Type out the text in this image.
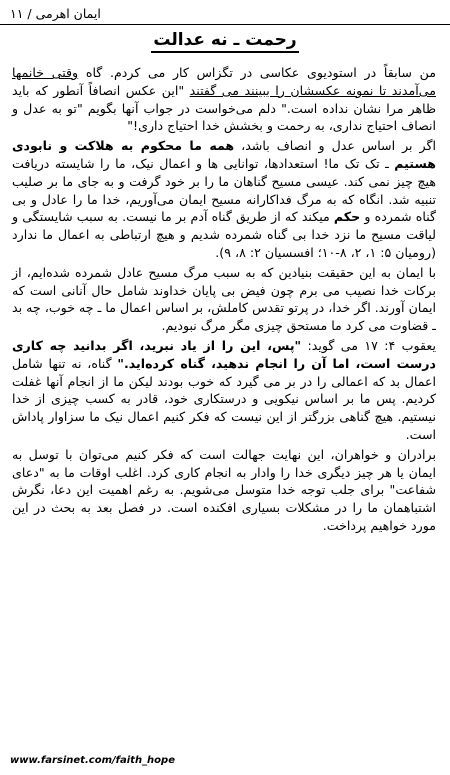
ایمان اهرمی / ۱۱
رحمت ـ نه عدالت

من سابقاً در استودیوی عکاسی در تگزاس کار می کردم. گاه وقتی خانمها می‌آمدند تا نمونه عکسشان را ببینند می گفتند "این عکس انصافاً آنطور که باید ظاهر مرا نشان نداده است." دلم می‌خواست در جواب آنها بگویم "تو به عدل و انصاف احتیاج نداری، به رحمت و بخشش خدا احتیاج داری!"

اگر بر اساس عدل و انصاف باشد، همه ما محکوم به هلاکت و نابودی هستیم ـ تک تک ما! استعدادها، توانایی ها و اعمال نیک، ما را شایسته دریافت هیچ چیز نمی کند. عیسی مسیح گناهان ما را بر خود گرفت و به جای ما بر صلیب تنبیه شد. انگاه که به مرگ فداکارانه مسیح ایمان می‌آوریم، خدا ما را عادل و بی گناه شمرده و حکم میکند که از طریق گناه آدم بر ما نیست. به سبب شایستگی و لیاقت مسیح ما نزد خدا بی گناه شمرده شدیم و هیچ ارتباطی به اعمال ما ندارد (رومیان ۵: ۱، ۲، ۸-۱۰؛ افسسیان ۲: ۸، ۹).

با ایمان به این حقیقت بنیادین که به سبب مرگ مسیح عادل شمرده شده‌ایم، از برکات خدا نصیب می برم چون فیض بی پایان خداوند شامل حال آنانی است که ایمان آورند. اگر خدا، در پرتو تقدس کاملش، بر اساس اعمال ما ـ چه خوب، چه بد ـ قضاوت می کرد ما مستحق چیزی مگر مرگ نبودیم.

یعقوب ۴: ۱۷ می گوید: "پس، این را از یاد نبرید، اگر بدانید چه کاری درست است، اما آن را انجام ندهید، گناه کرده‌اید." گناه، نه تنها شامل اعمال بد که اعمالی را در بر می گیرد که خوب بودند لیکن ما از انجام آنها غفلت کردیم. پس ما بر اساس نیکویی و درستکاری خود، قادر به کسب چیزی از خدا نیستیم. هیچ گناهی بزرگتر از این نیست که فکر کنیم اعمال نیک ما سزاوار پاداش است.

برادران و خواهران، این نهایت جهالت است که فکر کنیم می‌توان با توسل به ایمان یا هر چیز دیگری خدا را وادار به انجام کاری کرد. اغلب اوقات ما به "دعای شفاعت" برای جلب توجه خدا متوسل می‌شویم. به رغم اهمیت این دعا، نگرش اشتباهمان ما را در مشکلات بسیاری افکنده است. در فصل بعد به بحث در این مورد خواهیم پرداخت.

www.farsinet.com/faith_hope
